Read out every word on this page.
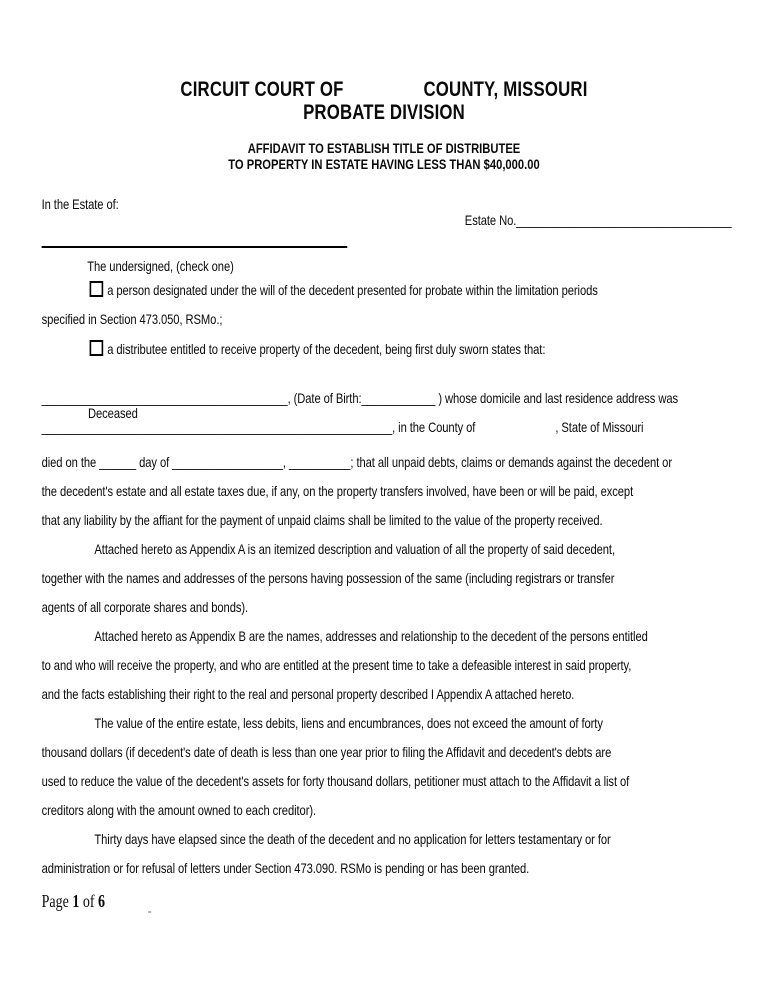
CIRCUIT COURT OF	COUNTY, MISSOURI
PROBATE DIVISION
AFFIDAVIT TO ESTABLISH TITLE OF DISTRIBUTEE
TO PROPERTY IN ESTATE HAVING LESS THAN $40,000.00
In the Estate of:
Estate No.___________________________________
The undersigned, (check one)
a person designated under the will of the decedent presented for probate within the limitation periods
specified in Section 473.050, RSMo.;
a distributee entitled to receive property of the decedent, being first duly sworn states that:
________________________________________, (Date of Birth:____________ ) whose domicile and last residence address was
Deceased
_________________________________________________________, in the County of	, State of Missouri
died on the ______ day of __________________, __________; that all unpaid debts, claims or demands against the decedent or
the decedent's estate and all estate taxes due, if any, on the property transfers involved, have been or will be paid, except
that any liability by the affiant for the payment of unpaid claims shall be limited to the value of the property received.
Attached hereto as Appendix A is an itemized description and valuation of all the property of said decedent,
together with the names and addresses of the persons having possession of the same (including registrars or transfer
agents of all corporate shares and bonds).
Attached hereto as Appendix B are the names, addresses and relationship to the decedent of the persons entitled
to and who will receive the property, and who are entitled at the present time to take a defeasible interest in said property,
and the facts establishing their right to the real and personal property described I Appendix A attached hereto.
The value of the entire estate, less debits, liens and encumbrances, does not exceed the amount of forty
thousand dollars (if decedent's date of death is less than one year prior to filing the Affidavit and decedent's debts are
used to reduce the value of the decedent's assets for forty thousand dollars, petitioner must attach to the Affidavit a list of
creditors along with the amount owned to each creditor).
Thirty days have elapsed since the death of the decedent and no application for letters testamentary or for
administration or for refusal of letters under Section 473.090. RSMo is pending or has been granted.
Page 1 of 6
